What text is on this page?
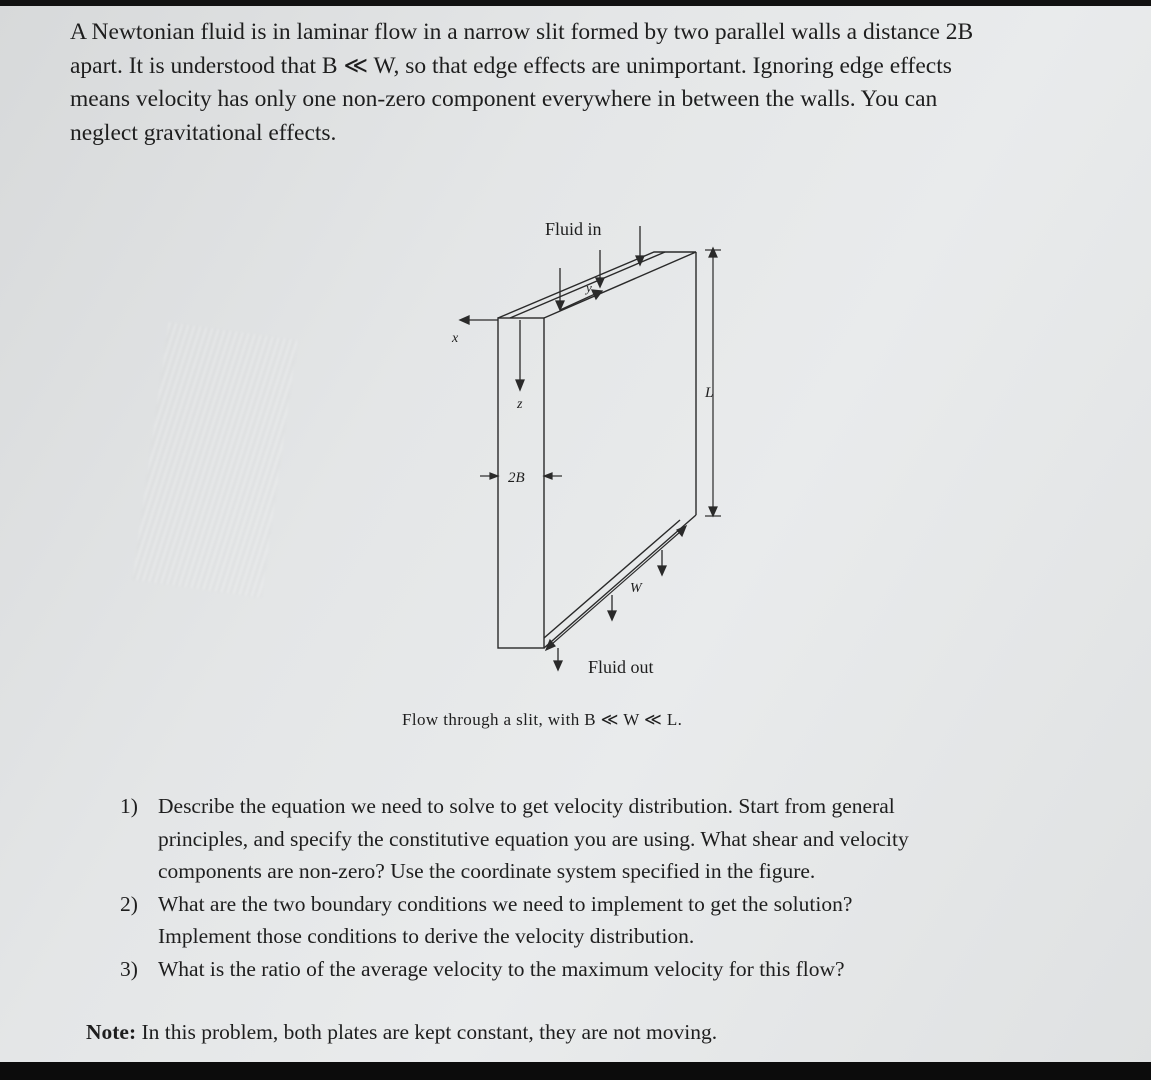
A Newtonian fluid is in laminar flow in a narrow slit formed by two parallel walls a distance 2B
apart. It is understood that B ≪ W, so that edge effects are unimportant. Ignoring edge effects
means velocity has only one non-zero component everywhere in between the walls. You can
neglect gravitational effects.

Fluid in
Fluid out
x
z
y
2B
L
W
Flow through a slit, with B ≪ W ≪ L.
1) Describe the equation we need to solve to get velocity distribution. Start from general
principles, and specify the constitutive equation you are using. What shear and velocity
components are non-zero? Use the coordinate system specified in the figure.
2) What are the two boundary conditions we need to implement to get the solution?
Implement those conditions to derive the velocity distribution.
3) What is the ratio of the average velocity to the maximum velocity for this flow?
Note: In this problem, both plates are kept constant, they are not moving.
